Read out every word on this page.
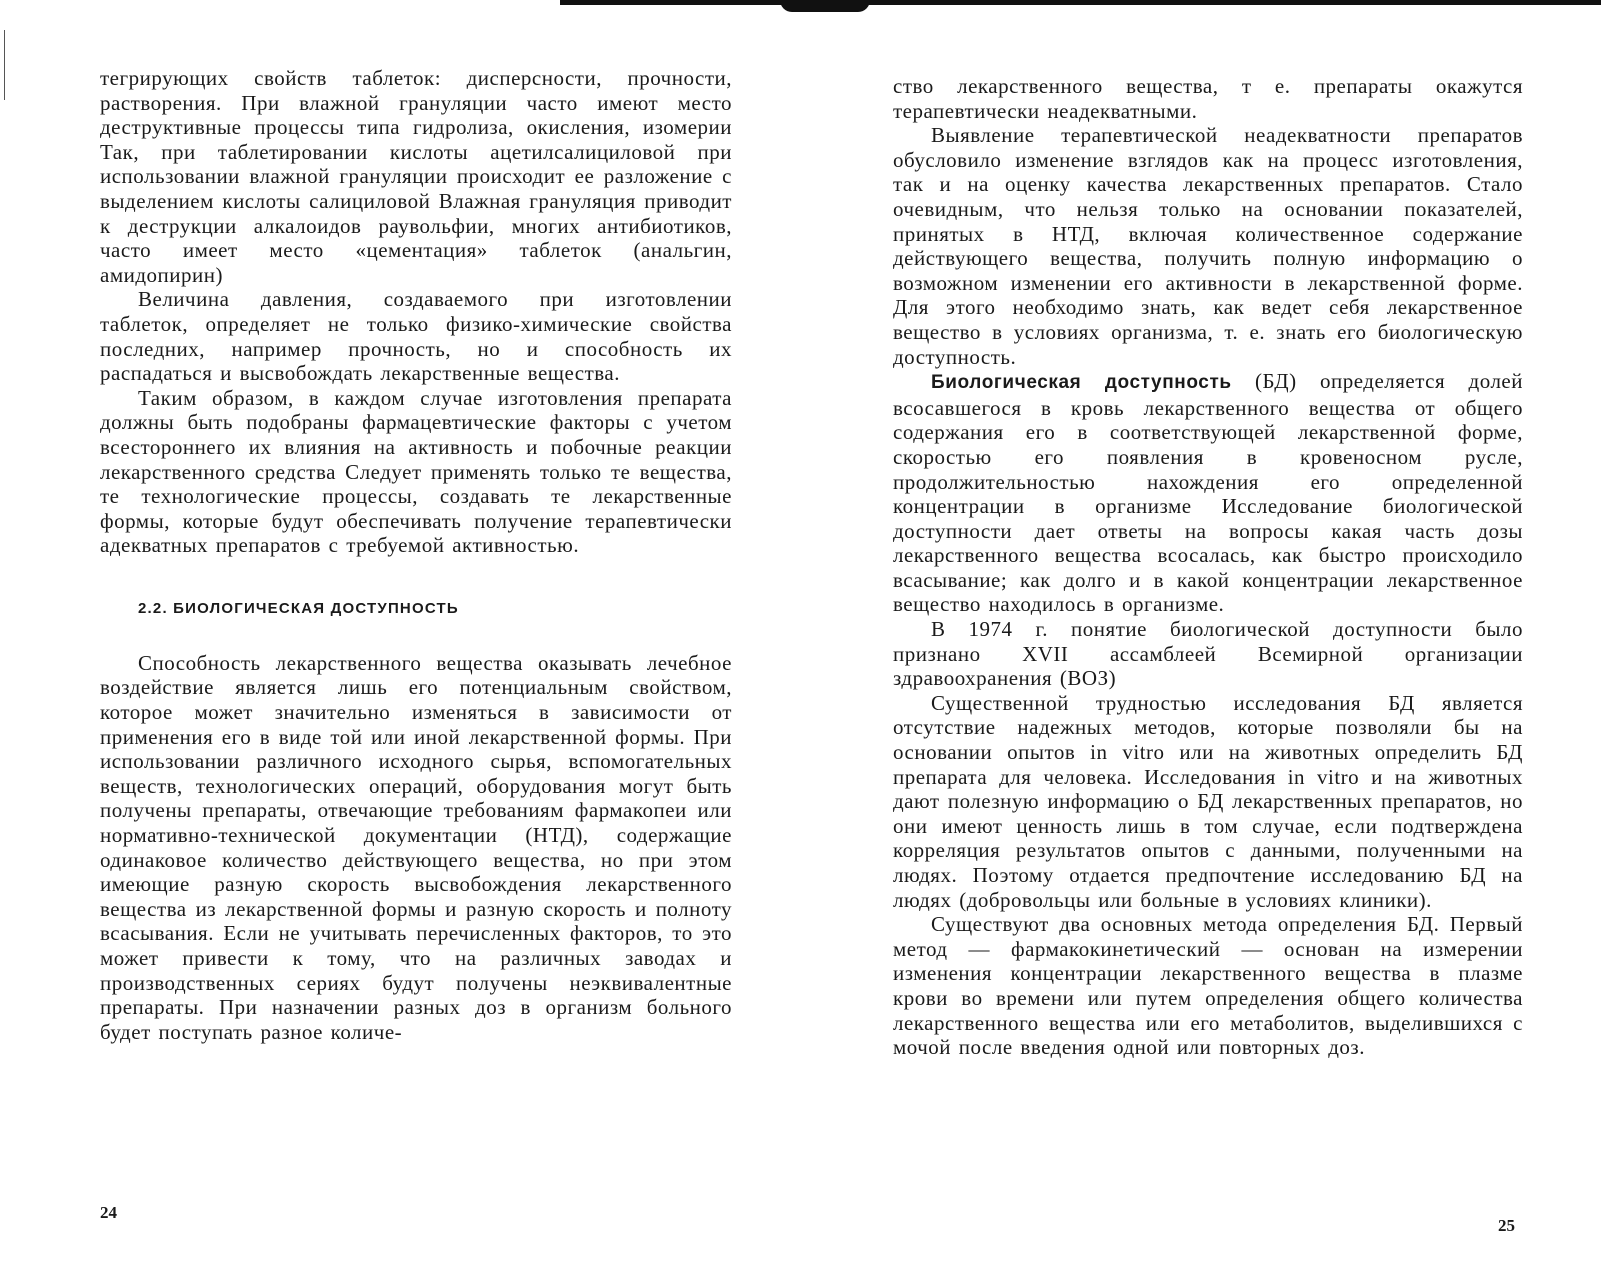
тегрирующих свойств таблеток: дисперсности, прочности, растворения. При влажной грануляции часто имеют место деструктивные процессы типа гидролиза, окисления, изомерии Так, при таблетировании кислоты ацетилсалициловой при использовании влажной грануляции происходит ее разложение с выделением кислоты салициловой Влажная грануляция приводит к деструкции алкалоидов раувольфии, многих антибиотиков, часто имеет место «цементация» таблеток (анальгин, амидопирин)

Величина давления, создаваемого при изготовлении таблеток, определяет не только физико-химические свойства последних, например прочность, но и способность их распадаться и высвобождать лекарственные вещества.

Таким образом, в каждом случае изготовления препарата должны быть подобраны фармацевтические факторы с учетом всестороннего их влияния на активность и побочные реакции лекарственного средства Следует применять только те вещества, те технологические процессы, создавать те лекарственные формы, которые будут обеспечивать получение терапевтически адекватных препаратов с требуемой активностью.

2.2. БИОЛОГИЧЕСКАЯ ДОСТУПНОСТЬ

Способность лекарственного вещества оказывать лечебное воздействие является лишь его потенциальным свойством, которое может значительно изменяться в зависимости от применения его в виде той или иной лекарственной формы. При использовании различного исходного сырья, вспомогательных веществ, технологических операций, оборудования могут быть получены препараты, отвечающие требованиям фармакопеи или нормативно-технической документации (НТД), содержащие одинаковое количество действующего вещества, но при этом имеющие разную скорость высвобождения лекарственного вещества из лекарственной формы и разную скорость и полноту всасывания. Если не учитывать перечисленных факторов, то это может привести к тому, что на различных заводах и производственных сериях будут получены неэквивалентные препараты. При назначении разных доз в организм больного будет поступать разное количе-

24

ство лекарственного вещества, т е. препараты окажутся терапевтически неадекватными.

Выявление терапевтической неадекватности препаратов обусловило изменение взглядов как на процесс изготовления, так и на оценку качества лекарственных препаратов. Стало очевидным, что нельзя только на основании показателей, принятых в НТД, включая количественное содержание действующего вещества, получить полную информацию о возможном изменении его активности в лекарственной форме. Для этого необходимо знать, как ведет себя лекарственное вещество в условиях организма, т. е. знать его биологическую доступность.

Биологическая доступность (БД) определяется долей всосавшегося в кровь лекарственного вещества от общего содержания его в соответствующей лекарственной форме, скоростью его появления в кровеносном русле, продолжительностью нахождения его определенной концентрации в организме Исследование биологической доступности дает ответы на вопросы какая часть дозы лекарственного вещества всосалась, как быстро происходило всасывание; как долго и в какой концентрации лекарственное вещество находилось в организме.

В 1974 г. понятие биологической доступности было признано XVII ассамблеей Всемирной организации здравоохранения (ВОЗ)

Существенной трудностью исследования БД является отсутствие надежных методов, которые позволяли бы на основании опытов in vitro или на животных определить БД препарата для человека. Исследования in vitro и на животных дают полезную информацию о БД лекарственных препаратов, но они имеют ценность лишь в том случае, если подтверждена корреляция результатов опытов с данными, полученными на людях. Поэтому отдается предпочтение исследованию БД на людях (добровольцы или больные в условиях клиники).

Существуют два основных метода определения БД. Первый метод — фармакокинетический — основан на измерении изменения концентрации лекарственного вещества в плазме крови во времени или путем определения общего количества лекарственного вещества или его метаболитов, выделившихся с мочой после введения одной или повторных доз.

25
